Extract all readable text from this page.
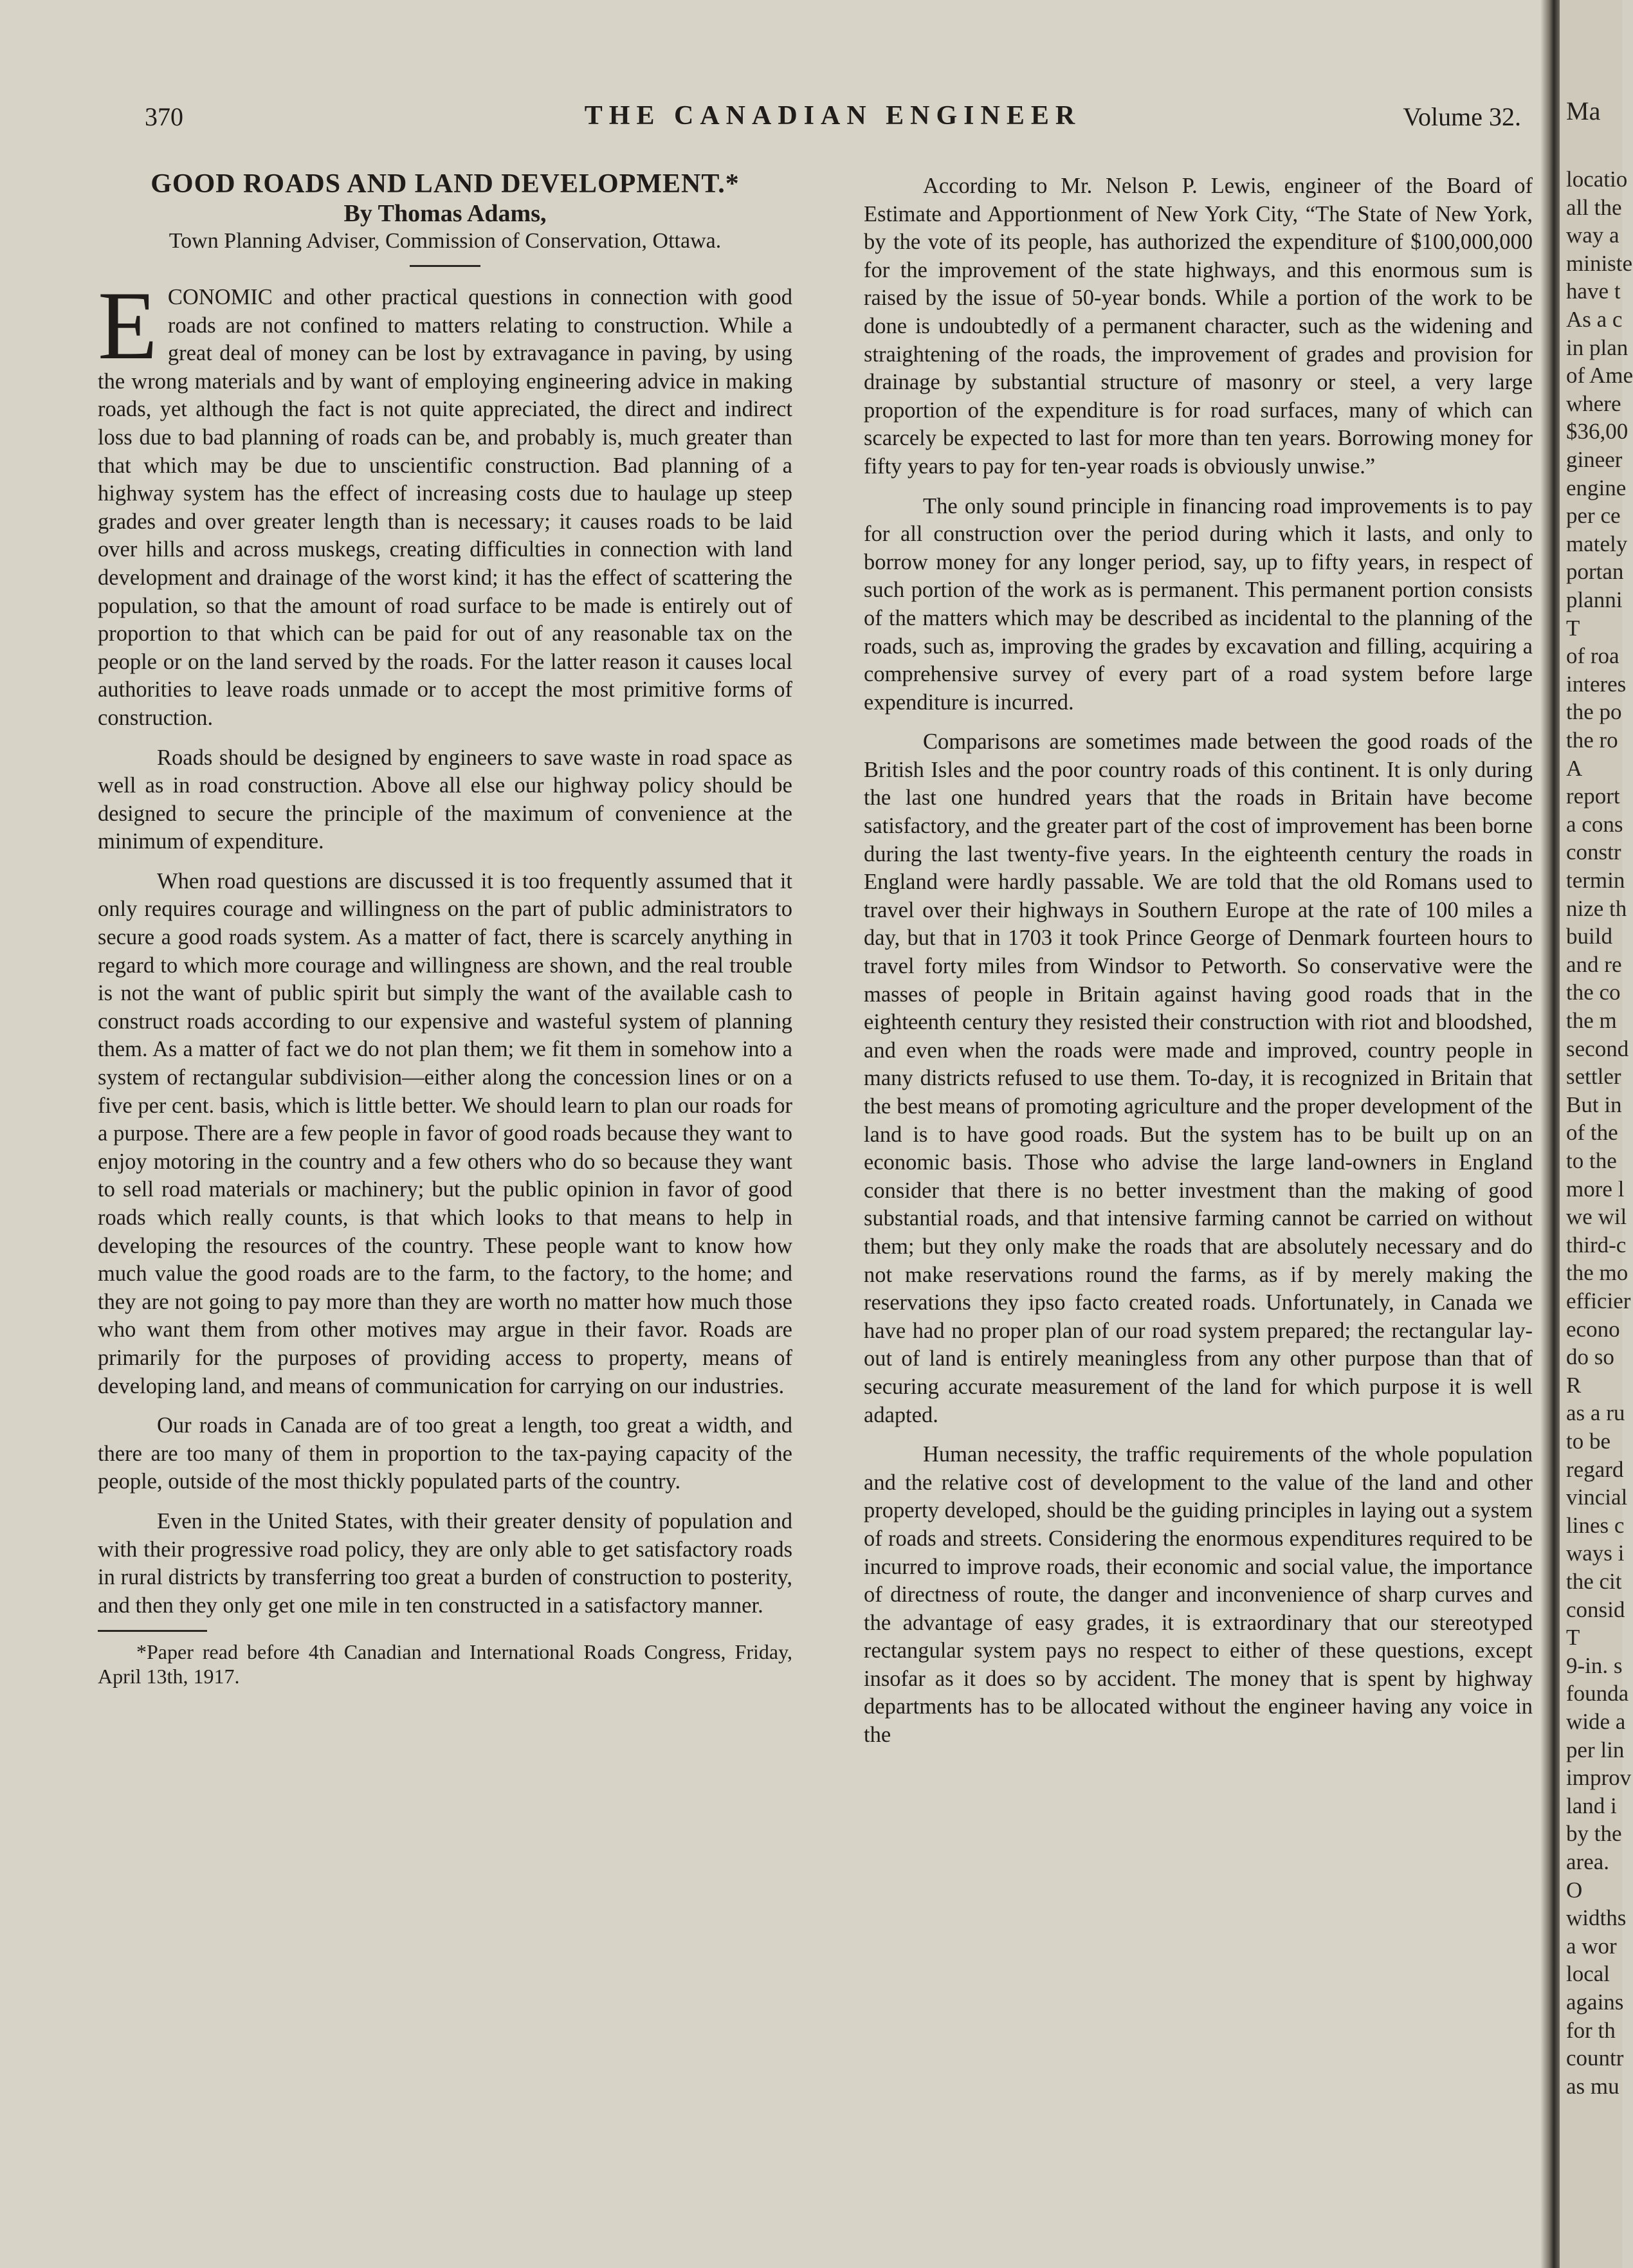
370	THE CANADIAN ENGINEER	Volume 32.

GOOD ROADS AND LAND DEVELOPMENT.*

By Thomas Adams,

Town Planning Adviser, Commission of Conservation, Ottawa.

ECONOMIC and other practical questions in connection with good roads are not confined to matters relating to construction. While a great deal of money can be lost by extravagance in paving, by using the wrong materials and by want of employing engineering advice in making roads, yet although the fact is not quite appreciated, the direct and indirect loss due to bad planning of roads can be, and probably is, much greater than that which may be due to unscientific construction. Bad planning of a highway system has the effect of increasing costs due to haulage up steep grades and over greater length than is necessary; it causes roads to be laid over hills and across muskegs, creating difficulties in connection with land development and drainage of the worst kind; it has the effect of scattering the population, so that the amount of road surface to be made is entirely out of proportion to that which can be paid for out of any reasonable tax on the people or on the land served by the roads. For the latter reason it causes local authorities to leave roads unmade or to accept the most primitive forms of construction.

Roads should be designed by engineers to save waste in road space as well as in road construction. Above all else our highway policy should be designed to secure the principle of the maximum of convenience at the minimum of expenditure.

When road questions are discussed it is too frequently assumed that it only requires courage and willingness on the part of public administrators to secure a good roads system. As a matter of fact, there is scarcely anything in regard to which more courage and willingness are shown, and the real trouble is not the want of public spirit but simply the want of the available cash to construct roads according to our expensive and wasteful system of planning them. As a matter of fact we do not plan them; we fit them in somehow into a system of rectangular subdivision—either along the concession lines or on a five per cent. basis, which is little better. We should learn to plan our roads for a purpose. There are a few people in favor of good roads because they want to enjoy motoring in the country and a few others who do so because they want to sell road materials or machinery; but the public opinion in favor of good roads which really counts, is that which looks to that means to help in developing the resources of the country. These people want to know how much value the good roads are to the farm, to the factory, to the home; and they are not going to pay more than they are worth no matter how much those who want them from other motives may argue in their favor. Roads are primarily for the purposes of providing access to property, means of developing land, and means of communication for carrying on our industries.

Our roads in Canada are of too great a length, too great a width, and there are too many of them in proportion to the tax-paying capacity of the people, outside of the most thickly populated parts of the country.

Even in the United States, with their greater density of population and with their progressive road policy, they are only able to get satisfactory roads in rural districts by transferring too great a burden of construction to posterity, and then they only get one mile in ten constructed in a satisfactory manner.

*Paper read before 4th Canadian and International Roads Congress, Friday, April 13th, 1917.

According to Mr. Nelson P. Lewis, engineer of the Board of Estimate and Apportionment of New York City, “The State of New York, by the vote of its people, has authorized the expenditure of $100,000,000 for the improvement of the state highways, and this enormous sum is raised by the issue of 50-year bonds. While a portion of the work to be done is undoubtedly of a permanent character, such as the widening and straightening of the roads, the improvement of grades and provision for drainage by substantial structure of masonry or steel, a very large proportion of the expenditure is for road surfaces, many of which can scarcely be expected to last for more than ten years. Borrowing money for fifty years to pay for ten-year roads is obviously unwise.”

The only sound principle in financing road improvements is to pay for all construction over the period during which it lasts, and only to borrow money for any longer period, say, up to fifty years, in respect of such portion of the work as is permanent. This permanent portion consists of the matters which may be described as incidental to the planning of the roads, such as, improving the grades by excavation and filling, acquiring a comprehensive survey of every part of a road system before large expenditure is incurred.

Comparisons are sometimes made between the good roads of the British Isles and the poor country roads of this continent. It is only during the last one hundred years that the roads in Britain have become satisfactory, and the greater part of the cost of improvement has been borne during the last twenty-five years. In the eighteenth century the roads in England were hardly passable. We are told that the old Romans used to travel over their highways in Southern Europe at the rate of 100 miles a day, but that in 1703 it took Prince George of Denmark fourteen hours to travel forty miles from Windsor to Petworth. So conservative were the masses of people in Britain against having good roads that in the eighteenth century they resisted their construction with riot and bloodshed, and even when the roads were made and improved, country people in many districts refused to use them. To-day, it is recognized in Britain that the best means of promoting agriculture and the proper development of the land is to have good roads. But the system has to be built up on an economic basis. Those who advise the large land-owners in England consider that there is no better investment than the making of good substantial roads, and that intensive farming cannot be carried on without them; but they only make the roads that are absolutely necessary and do not make reservations round the farms, as if by merely making the reservations they ipso facto created roads. Unfortunately, in Canada we have had no proper plan of our road system prepared; the rectangular lay-out of land is entirely meaningless from any other purpose than that of securing accurate measurement of the land for which purpose it is well adapted.

Human necessity, the traffic requirements of the whole population and the relative cost of development to the value of the land and other property developed, should be the guiding principles in laying out a system of roads and streets. Considering the enormous expenditures required to be incurred to improve roads, their economic and social value, the importance of directness of route, the danger and inconvenience of sharp curves and the advantage of easy grades, it is extraordinary that our stereotyped rectangular system pays no respect to either of these questions, except insofar as it does so by accident. The money that is spent by highway departments has to be allocated without the engineer having any voice in the

Ma
locatio
all the
way a
ministe
have t
As a c
in plan
of Ame
where
$36,00
gineer
engine
per ce
mately
portan
planni
T
of roa
interes
the po
the ro
A
report
a cons
constr
termin
nize th
build
and re
the co
the m
second
settler
But in
of the
to the
more l
we wil
third-c
the mo
efficier
econo
do so
R
as a ru
to be
regard
vincial
lines c
ways i
the cit
consid
T
9-in. s
founda
wide a
per lin
improv
land i
by the
area.
O
widths
a wor
local
agains
for th
countr
as mu
